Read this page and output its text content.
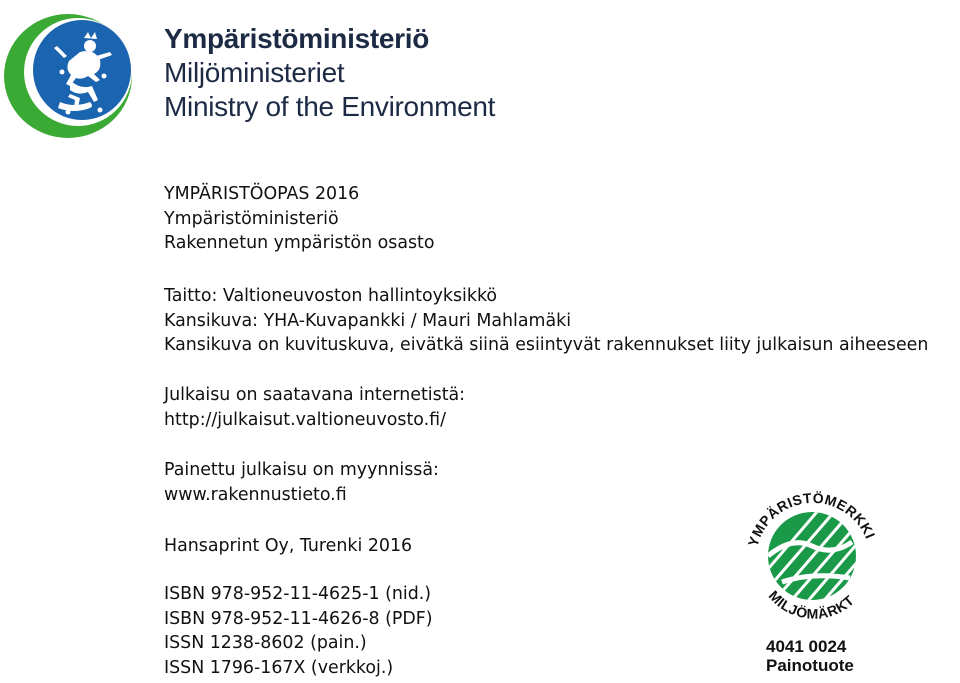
Ympäristöministeriö
Miljöministeriet
Ministry of the Environment
YMPÄRISTÖOPAS 2016
Ympäristöministeriö
Rakennetun ympäristön osasto
Taitto: Valtioneuvoston hallintoyksikkö
Kansikuva: YHA-Kuvapankki / Mauri Mahlamäki
Kansikuva on kuvituskuva, eivätkä siinä esiintyvät rakennukset liity julkaisun aiheeseen
Julkaisu on saatavana internetistä:
http://julkaisut.valtioneuvosto.fi/
Painettu julkaisu on myynnissä:
www.rakennustieto.fi
Hansaprint Oy, Turenki 2016
ISBN 978-952-11-4625-1 (nid.)
ISBN 978-952-11-4626-8 (PDF)
ISSN 1238-8602 (pain.)
ISSN 1796-167X (verkkoj.)
YMPÄRISTÖMERKKI
MILJÖMÄRKT
4041 0024
Painotuote
